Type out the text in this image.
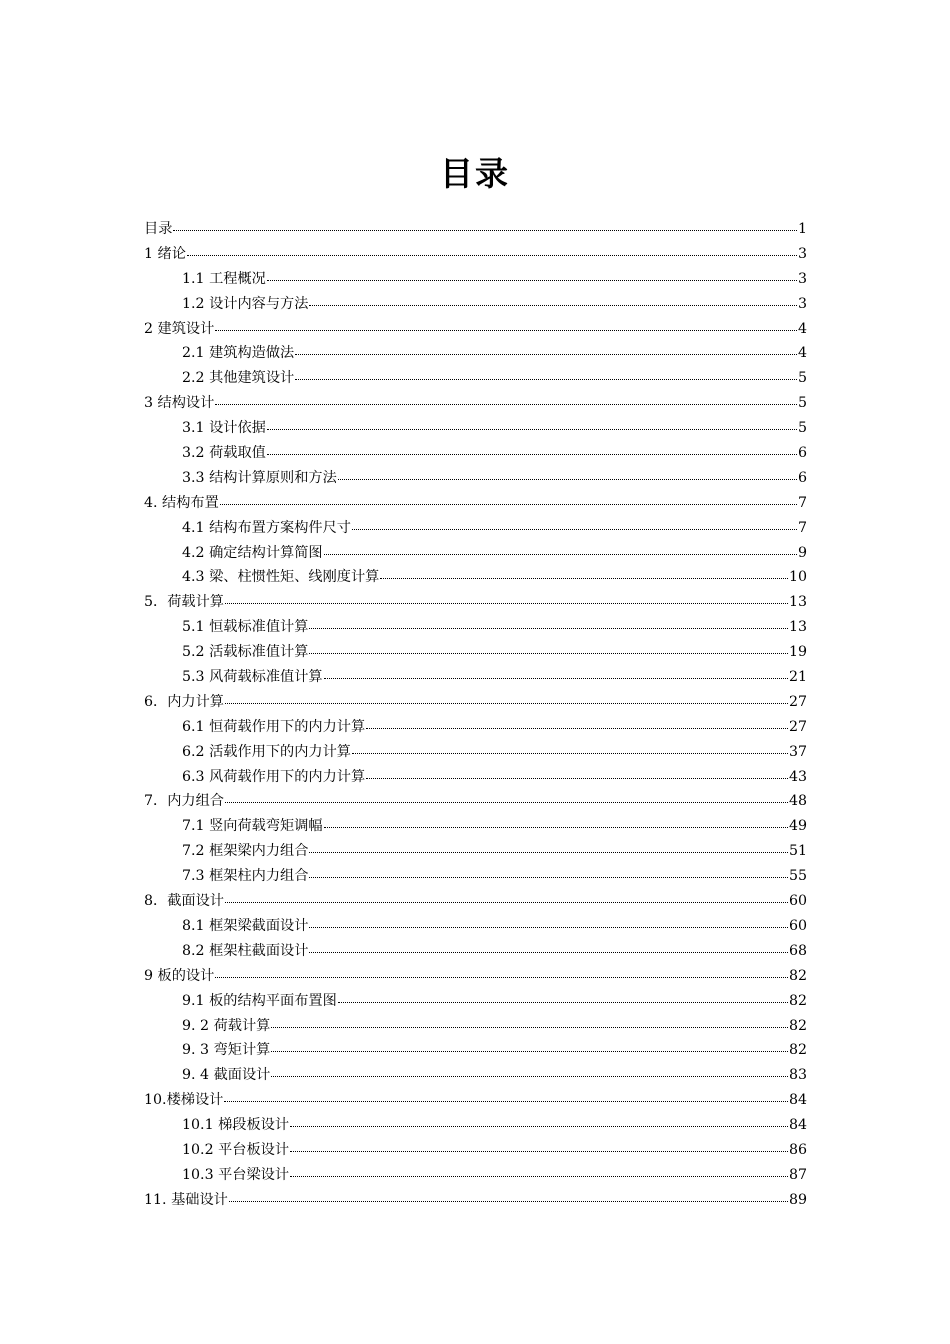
目录
目录	1
1 绪论	3
1.1 工程概况	3
1.2 设计内容与方法	3
2 建筑设计	4
2.1 建筑构造做法	4
2.2 其他建筑设计	5
3 结构设计	5
3.1 设计依据	5
3.2 荷载取值	6
3.3 结构计算原则和方法	6
4. 结构布置	7
4.1 结构布置方案构件尺寸	7
4.2 确定结构计算简图	9
4.3 梁、柱惯性矩、线刚度计算	10
5．荷载计算	13
5.1 恒载标准值计算	13
5.2 活载标准值计算	19
5.3 风荷载标准值计算	21
6．内力计算	27
6.1 恒荷载作用下的内力计算	27
6.2 活载作用下的内力计算	37
6.3 风荷载作用下的内力计算	43
7．内力组合	48
7.1 竖向荷载弯矩调幅	49
7.2 框架梁内力组合	51
7.3 框架柱内力组合	55
8．截面设计	60
8.1 框架梁截面设计	60
8.2 框架柱截面设计	68
9 板的设计	82
9.1 板的结构平面布置图	82
9. 2 荷载计算	82
9. 3 弯矩计算	82
9. 4 截面设计	83
10.楼梯设计	84
10.1 梯段板设计	84
10.2 平台板设计	86
10.3 平台梁设计	87
11. 基础设计	89
